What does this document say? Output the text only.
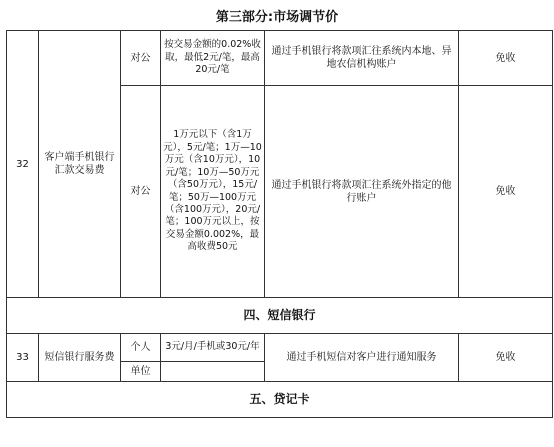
第三部分:市场调节价
32	客户端手机银行汇款交易费	对公	按交易金额的0.02%收取，最低2元/笔，最高20元/笔	通过手机银行将款项汇往系统内本地、异地农信机构账户	免收
		对公	1万元以下（含1万元），5元/笔；1万—10万元（含10万元），10元/笔；10万—50万元（含50万元），15元/笔；50万—100万元（含100万元），20元/笔；100万元以上，按交易金额0.002%，最高收费50元	通过手机银行将款项汇往系统外指定的他行账户	免收
四、短信银行					
33	短信银行服务费	个人	3元/月/手机或30元/年	通过手机短信对客户进行通知服务	免收
		单位			
五、贷记卡					
